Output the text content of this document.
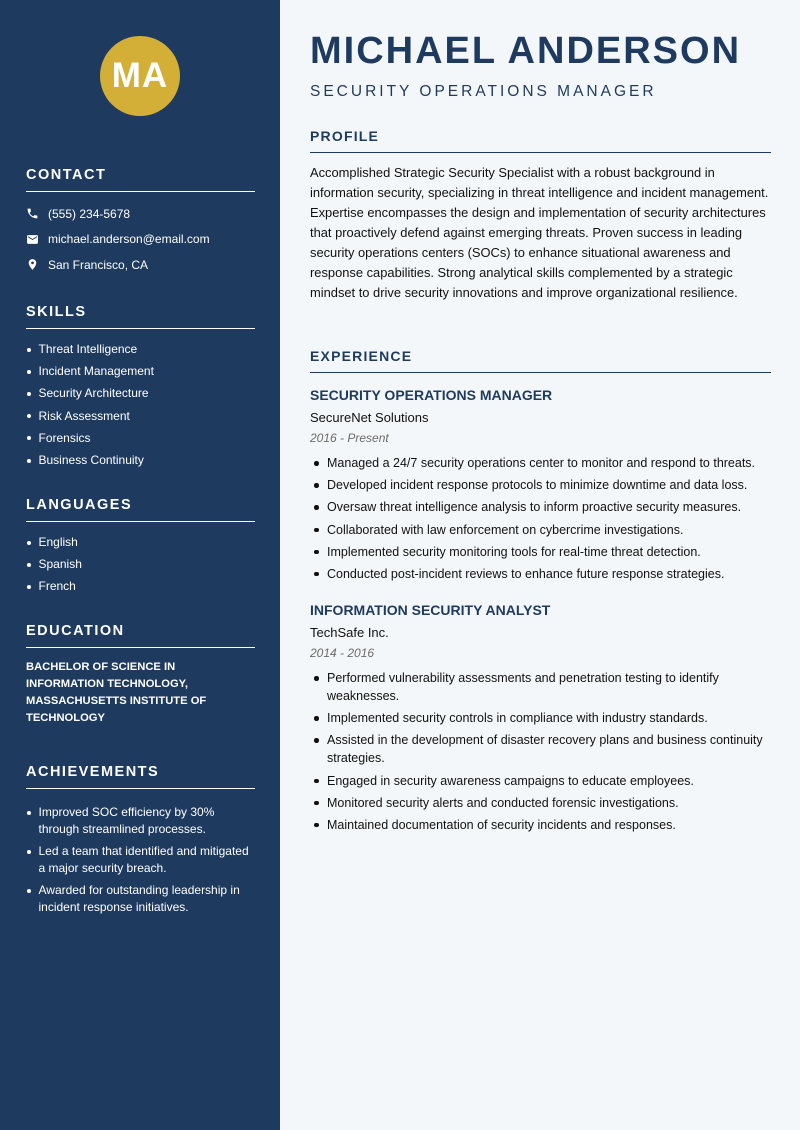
MA
CONTACT
(555) 234-5678
michael.anderson@email.com
San Francisco, CA
SKILLS
Threat Intelligence
Incident Management
Security Architecture
Risk Assessment
Forensics
Business Continuity
LANGUAGES
English
Spanish
French
EDUCATION
BACHELOR OF SCIENCE IN INFORMATION TECHNOLOGY, MASSACHUSETTS INSTITUTE OF TECHNOLOGY
ACHIEVEMENTS
Improved SOC efficiency by 30% through streamlined processes.
Led a team that identified and mitigated a major security breach.
Awarded for outstanding leadership in incident response initiatives.
MICHAEL ANDERSON
SECURITY OPERATIONS MANAGER
PROFILE

Accomplished Strategic Security Specialist with a robust background in information security, specializing in threat intelligence and incident management. Expertise encompasses the design and implementation of security architectures that proactively defend against emerging threats. Proven success in leading security operations centers (SOCs) to enhance situational awareness and response capabilities. Strong analytical skills complemented by a strategic mindset to drive security innovations and improve organizational resilience.

EXPERIENCE
SECURITY OPERATIONS MANAGER
SecureNet Solutions
2016 - Present
Managed a 24/7 security operations center to monitor and respond to threats.
Developed incident response protocols to minimize downtime and data loss.
Oversaw threat intelligence analysis to inform proactive security measures.
Collaborated with law enforcement on cybercrime investigations.
Implemented security monitoring tools for real-time threat detection.
Conducted post-incident reviews to enhance future response strategies.
INFORMATION SECURITY ANALYST
TechSafe Inc.
2014 - 2016
Performed vulnerability assessments and penetration testing to identify weaknesses.
Implemented security controls in compliance with industry standards.
Assisted in the development of disaster recovery plans and business continuity strategies.
Engaged in security awareness campaigns to educate employees.
Monitored security alerts and conducted forensic investigations.
Maintained documentation of security incidents and responses.
